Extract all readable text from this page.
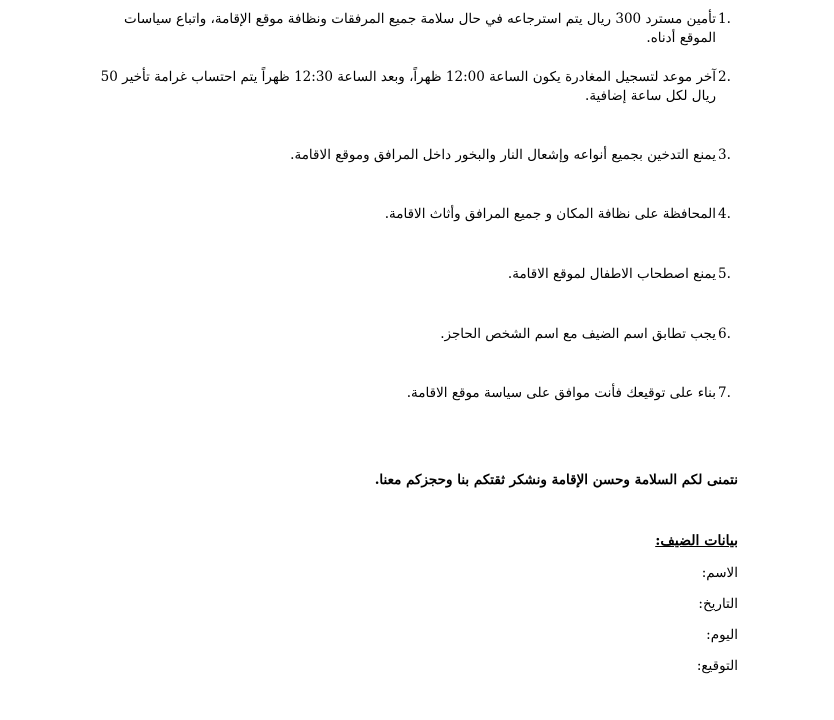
1.
تأمين مسترد 300 ريال يتم استرجاعه في حال سلامة جميع المرفقات ونظافة موقع الإقامة، واتباع سياسات الموقع أدناه.
2.
آخر موعد لتسجيل المغادرة يكون الساعة 12:00 ظهراً، وبعد الساعة 12:30 ظهراً يتم احتساب غرامة تأخير 50 ريال لكل ساعة إضافية.
3.
يمنع التدخين بجميع أنواعه وإشعال النار والبخور داخل المرافق وموقع الاقامة.
4.
المحافظة على نظافة المكان و جميع المرافق وأثاث الاقامة.
5.
يمنع اصطحاب الاطفال لموقع الاقامة.
6.
يجب تطابق اسم الضيف مع اسم الشخص الحاجز.
7.
بناء على توقيعك فأنت موافق على سياسة موقع الاقامة.
نتمنى لكم السلامة وحسن الإقامة ونشكر ثقتكم بنا وحجزكم معنا.
بيانات الضيف:
الاسم:
التاريخ:
اليوم:
التوقيع:
